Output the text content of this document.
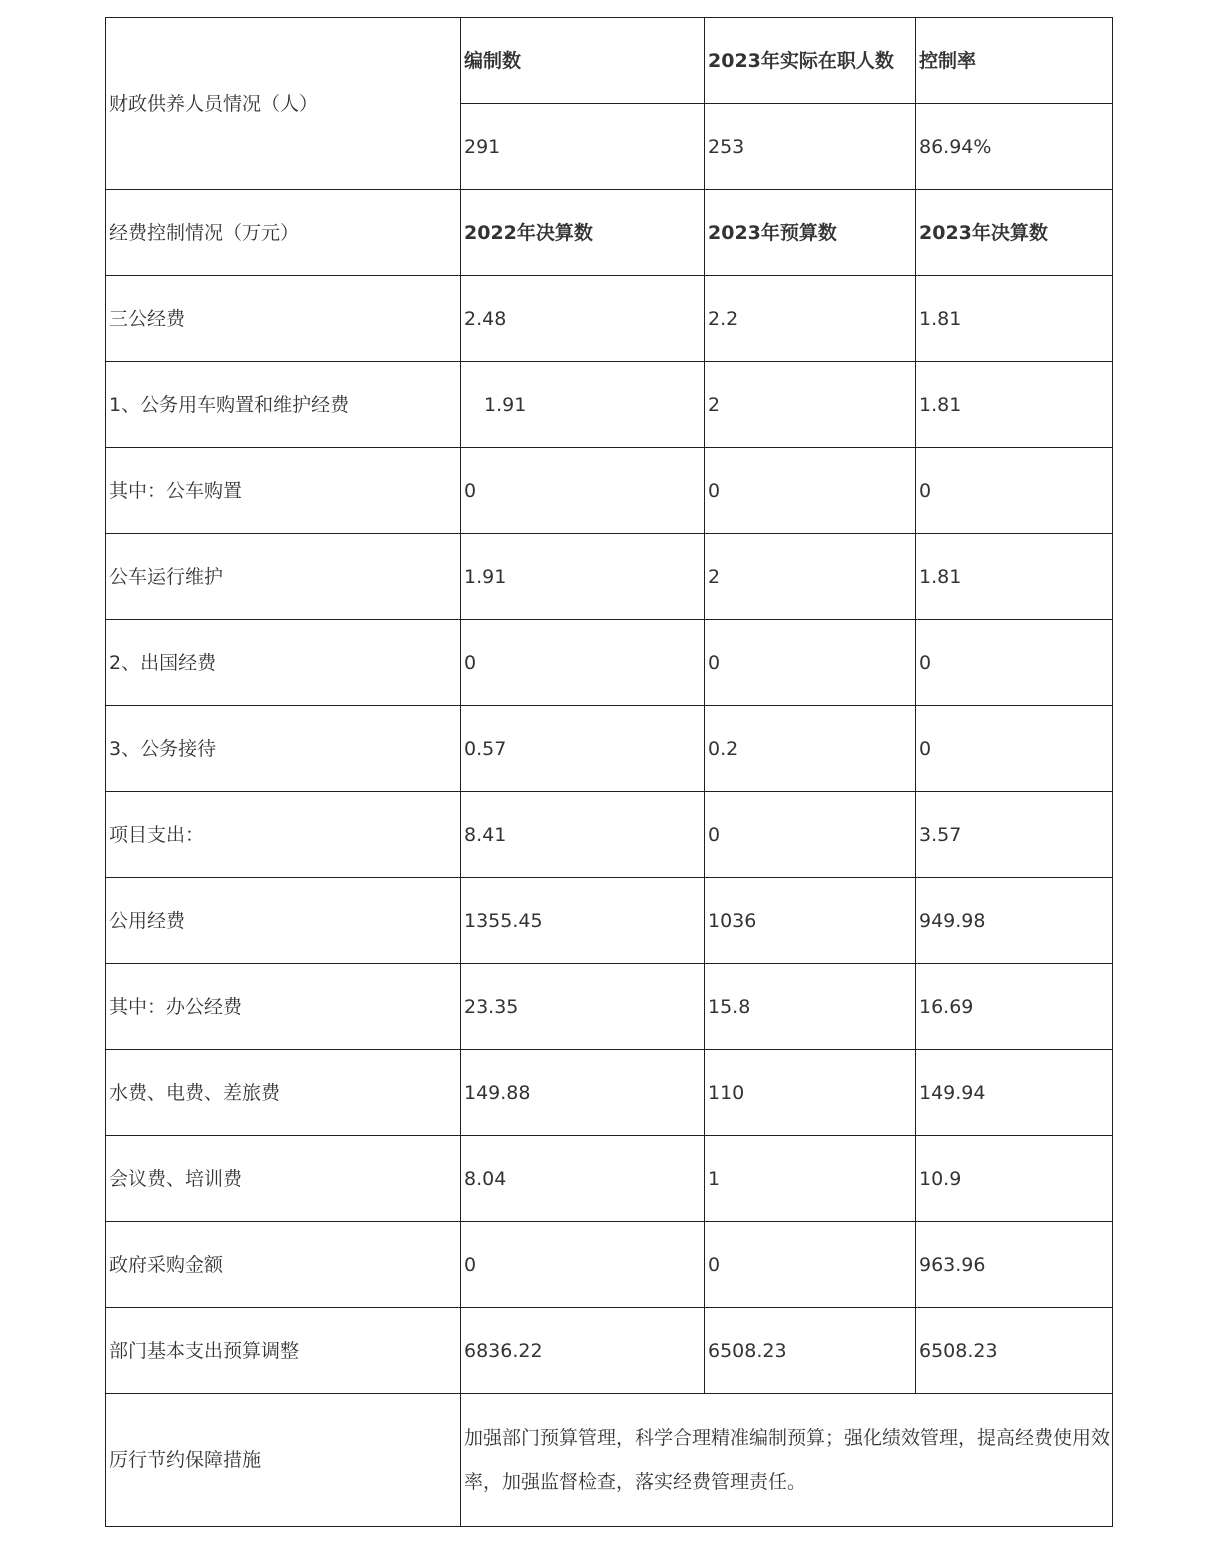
财政供养人员情况（人）	编制数	2023年实际在职人数	控制率
	291	253	86.94%
经费控制情况（万元）	2022年决算数	2023年预算数	2023年决算数
三公经费	2.48	2.2	1.81
1、公务用车购置和维护经费	1.91	2	1.81
其中：公车购置	0	0	0
公车运行维护	1.91	2	1.81
2、出国经费	0	0	0
3、公务接待	0.57	0.2	0
项目支出：	8.41	0	3.57
公用经费	1355.45	1036	949.98
其中：办公经费	23.35	15.8	16.69
水费、电费、差旅费	149.88	110	149.94
会议费、培训费	8.04	1	10.9
政府采购金额	0	0	963.96
部门基本支出预算调整	6836.22	6508.23	6508.23
厉行节约保障措施	加强部门预算管理，科学合理精准编制预算；强化绩效管理，提高经费使用效率，加强监督检查，落实经费管理责任。		
